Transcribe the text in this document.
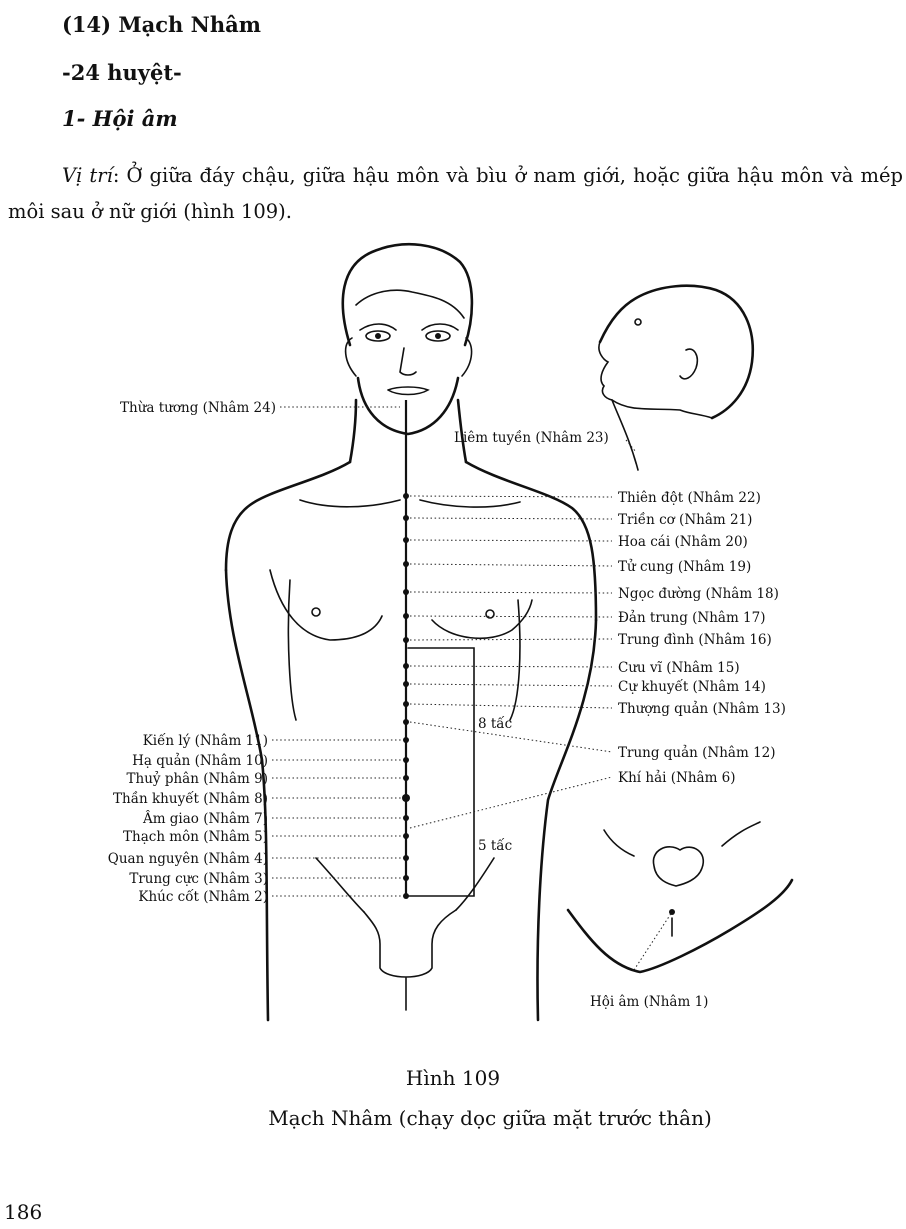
(14) Mạch Nhâm
-24 huyệt-
1- Hội âm
Vị trí: Ở giữa đáy chậu, giữa hậu môn và bìu ở nam giới, hoặc giữa hậu môn và mép môi sau ở nữ giới (hình 109).
Thừa tương (Nhâm 24)
Liêm tuyền (Nhâm 23)
Thiên đột (Nhâm 22)
Triền cơ (Nhâm 21)
Hoa cái (Nhâm 20)
Tử cung (Nhâm 19)
Ngọc đường (Nhâm 18)
Đản trung (Nhâm 17)
Trung đình (Nhâm 16)
Cưu vĩ (Nhâm 15)
Cự khuyết (Nhâm 14)
Thượng quản (Nhâm 13)
Trung quản (Nhâm 12)
Khí hải (Nhâm 6)
Kiến lý (Nhâm 11)
Hạ quản (Nhâm 10)
Thuỷ phân (Nhâm 9)
Thần khuyết (Nhâm 8)
Âm giao (Nhâm 7)
Thạch môn (Nhâm 5)
Quan nguyên (Nhâm 4)
Trung cực (Nhâm 3)
Khúc cốt (Nhâm 2)
Hội âm (Nhâm 1)
8 tấc
5 tấc
Hình 109
Mạch Nhâm (chạy dọc giữa mặt trước thân)
186
